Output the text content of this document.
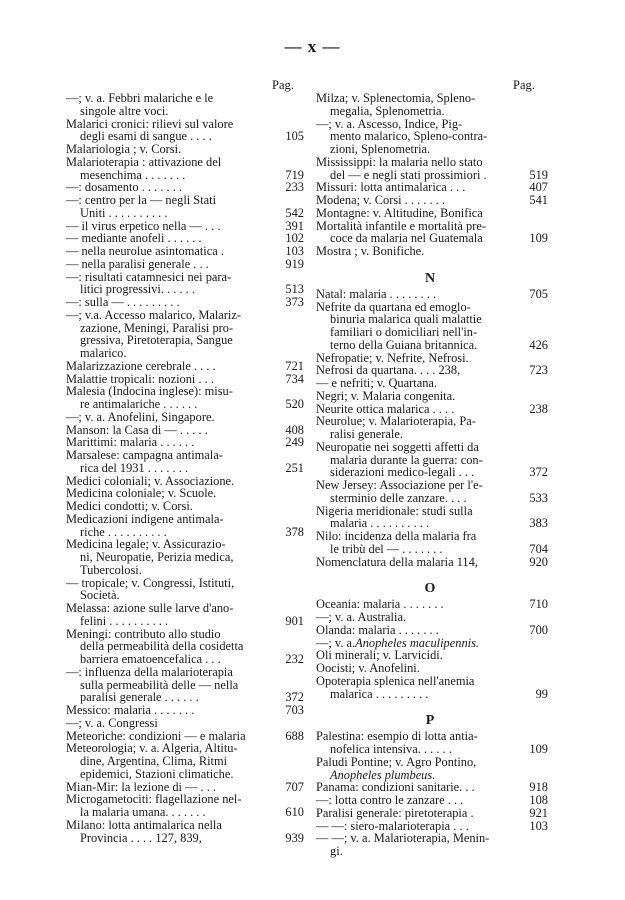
— x —
Pag.	Pag.
—; v. a. Febbri malariche e le
singole altre voci.
Malarici cronici: rilievi sul valore
degli esami di sangue . . . .	105
Malariologia ; v. Corsi.
Malarioterapia : attivazione del
mesenchima . . . . . . .	719
—: dosamento . . . . . . .	233
—: centro per la — negli Stati
Uniti . . . . . . . . . .	542
— il virus erpetico nella — . . .	391
— mediante anofeli . . . . . .	102
— nella neurolue asintomatica .	103
— nella paralisi generale . . .	919
—: risultati catamnesici nei para-
litici progressivi. . . . . .	513
—: sulla — . . . . . . . . .	373
—; v.a. Accesso malarico, Malariz-
zazione, Meningi, Paralisi pro-
gressiva, Piretoterapia, Sangue
malarico.
Malarizzazione cerebrale . . . .	721
Malattie tropicali: nozioni . . .	734
Malesia (Indocina inglese): misu-
re antimalariche . . . . . .	520
—; v. a. Anofelini, Singapore.
Manson: la Casa di — . . . . .	408
Marittimi: malaria . . . . . .	249
Marsalese: campagna antimala-
rica del 1931 . . . . . . .	251
Medici coloniali; v. Associazione.
Medicina coloniale; v. Scuole.
Medici condotti; v. Corsi.
Medicazioni indigene antimala-
riche . . . . . . . . . .	378
Medicina legale; v. Assicurazio-
ni, Neuropatie, Perizia medica,
Tubercolosi.
— tropicale; v. Congressi, Istituti,
Società.
Melassa: azione sulle larve d'ano-
felini . . . . . . . . . .	901
Meningi: contributo allo studio
della permeabilità della cosidetta
barriera ematoencefalica . . .	232
—: influenza della malarioterapia
sulla permeabilità delle — nella
paralisi generale . . . . . .	372
Messico: malaria . . . . . . .	703
—; v. a. Congressi
Meteoriche: condizioni — e malaria	688
Meteorologia; v. a. Algeria, Altitu-
dine, Argentina, Clima, Ritmi
epidemici, Stazioni climatiche.
Mian-Mir: la lezione di — . . .	707
Microgametociti: flagellazione nel-
la malaria umana. . . . . . .	610
Milano: lotta antimalarica nella
Provincia . . . . 127, 839,	939
Milza; v. Splenectomia, Spleno-
megalia, Splenometria.
—; v. a. Ascesso, Indice, Pig-
mento malarico, Spleno-contra-
zioni, Splenometria.
Mississippi: la malaria nello stato
del — e negli stati prossimiori .	519
Missuri: lotta antimalarica . . .	407
Modena; v. Corsi . . . . . . .	541
Montagne: v. Altitudine, Bonifica
Mortalità infantile e mortalità pre-
coce da malaria nel Guatemala	109
Mostra ; v. Bonifiche.
N
Natal: malaria . . . . . . . .	705
Nefrite da quartana ed emoglo-
binuria malarica quali malattie
familiari o domiciliari nell'in-
terno della Guiana britannica.	426
Nefropatie; v. Nefrite, Nefrosi.
Nefrosi da quartana. . . . 238,	723
— e nefriti; v. Quartana.
Negri; v. Malaria congenita.
Neurite ottica malarica . . . .	238
Neurolue; v. Malarioterapia, Pa-
ralisi generale.
Neuropatie nei soggetti affetti da
malaria durante la guerra: con-
siderazioni medico-legali . . .	372
New Jersey: Associazione per l'e-
sterminio delle zanzare. . . .	533
Nigeria meridionale: studi sulla
malaria . . . . . . . . . .	383
Nilo: incidenza della malaria fra
le tribù del — . . . . . . .	704
Nomenclatura della malaria 114,	920
O
Oceania: malaria . . . . . . .	710
—; v. a. Australia.
Olanda: malaria . . . . . . .	700
—; v. a.Anopheles maculipennis.
Oli minerali; v. Larvicidi.
Oocisti; v. Anofelini.
Opoterapia splenica nell'anemia
malarica . . . . . . . . .	99
P
Palestina: esempio di lotta antia-
nofelica intensiva. . . . . .	109
Paludi Pontine; v. Agro Pontino,
Anopheles plumbeus.
Panama: condizioni sanitarie. . .	918
—: lotta contro le zanzare . . .	108
Paralisi generale: piretoterapia .	921
— —: siero-malarioterapia . . .	103
— —; v. a. Malarioterapia, Menin-
gi.
